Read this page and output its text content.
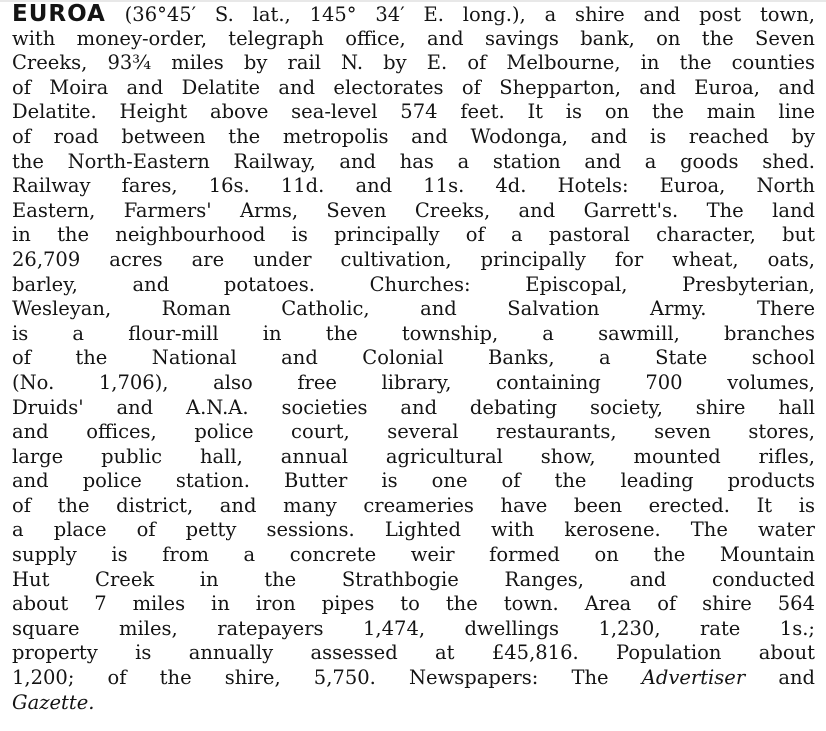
EUROA (36°45′ S. lat., 145° 34′ E. long.), a shire and post town,
with money-order, telegraph office, and savings bank, on the Seven
Creeks, 93¾ miles by rail N. by E. of Melbourne, in the counties
of Moira and Delatite and electorates of Shepparton, and Euroa, and
Delatite. Height above sea-level 574 feet. It is on the main line
of road between the metropolis and Wodonga, and is reached by
the North-Eastern Railway, and has a station and a goods shed.
Railway fares, 16s. 11d. and 11s. 4d. Hotels: Euroa, North
Eastern, Farmers' Arms, Seven Creeks, and Garrett's. The land
in the neighbourhood is principally of a pastoral character, but
26,709 acres are under cultivation, principally for wheat, oats,
barley, and potatoes. Churches: Episcopal, Presbyterian,
Wesleyan, Roman Catholic, and Salvation Army. There
is a flour-mill in the township, a sawmill, branches
of the National and Colonial Banks, a State school
(No. 1,706), also free library, containing 700 volumes,
Druids' and A.N.A. societies and debating society, shire hall
and offices, police court, several restaurants, seven stores,
large public hall, annual agricultural show, mounted rifles,
and police station. Butter is one of the leading products
of the district, and many creameries have been erected. It is
a place of petty sessions. Lighted with kerosene. The water
supply is from a concrete weir formed on the Mountain
Hut Creek in the Strathbogie Ranges, and conducted
about 7 miles in iron pipes to the town. Area of shire 564
square miles, ratepayers 1,474, dwellings 1,230, rate 1s.;
property is annually assessed at £45,816. Population about
1,200; of the shire, 5,750. Newspapers: The Advertiser and
Gazette.
